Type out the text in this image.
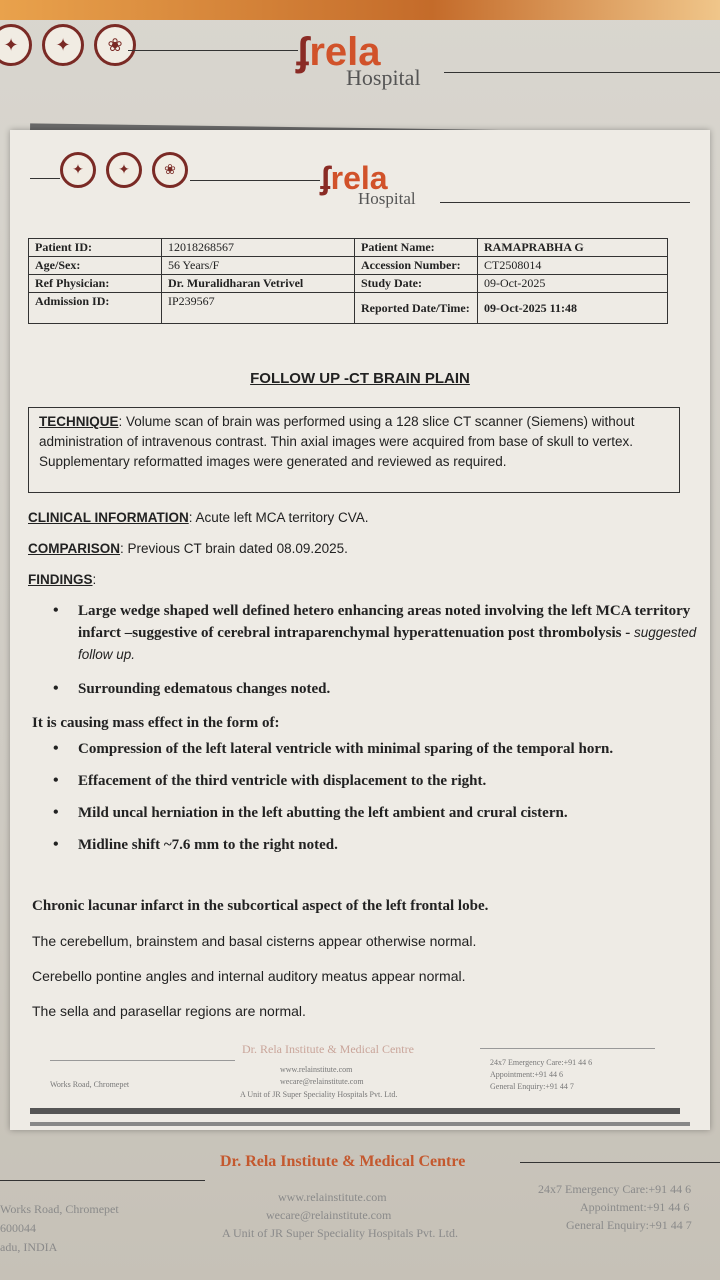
✦	✦	❀	ʄrela
Hospital
✦	✦	❀	ʄrela
Hospital
Patient ID:	12018268567	Patient Name:	RAMAPRABHA G
Age/Sex:	56 Years/F	Accession Number:	CT2508014
Ref Physician:	Dr. Muralidharan Vetrivel	Study Date:	09-Oct-2025
Admission ID:	IP239567	Reported Date/Time:	09-Oct-2025 11:48
FOLLOW UP -CT BRAIN PLAIN
TECHNIQUE: Volume scan of brain was performed using a 128 slice CT scanner (Siemens) without administration of intravenous contrast. Thin axial images were acquired from base of skull to vertex. Supplementary reformatted images were generated and reviewed as required.
CLINICAL INFORMATION: Acute left MCA territory CVA.
COMPARISON: Previous CT brain dated 08.09.2025.
FINDINGS:
• Large wedge shaped well defined hetero enhancing areas noted involving the left MCA territory infarct –suggestive of cerebral intraparenchymal hyperattenuation post thrombolysis - suggested follow up.
• Surrounding edematous changes noted.
It is causing mass effect in the form of:
• Compression of the left lateral ventricle with minimal sparing of the temporal horn.
• Effacement of the third ventricle with displacement to the right.
• Mild uncal herniation in the left abutting the left ambient and crural cistern.
• Midline shift ~7.6 mm to the right noted.
Chronic lacunar infarct in the subcortical aspect of the left frontal lobe.
The cerebellum, brainstem and basal cisterns appear otherwise normal.
Cerebello pontine angles and internal auditory meatus appear normal.
The sella and parasellar regions are normal.
Dr. Rela Institute & Medical Centre
Works Road, Chromepet
www.relainstitute.com
wecare@relainstitute.com
A Unit of JR Super Speciality Hospitals Pvt. Ltd.
24x7 Emergency Care:+91 44 6
Appointment:+91 44 6
General Enquiry:+91 44 7
Dr. Rela Institute & Medical Centre
Works Road, Chromepet
600044
adu, INDIA
www.relainstitute.com
wecare@relainstitute.com
A Unit of JR Super Speciality Hospitals Pvt. Ltd.
24x7 Emergency Care:+91 44 6
Appointment:+91 44 6
General Enquiry:+91 44 7
